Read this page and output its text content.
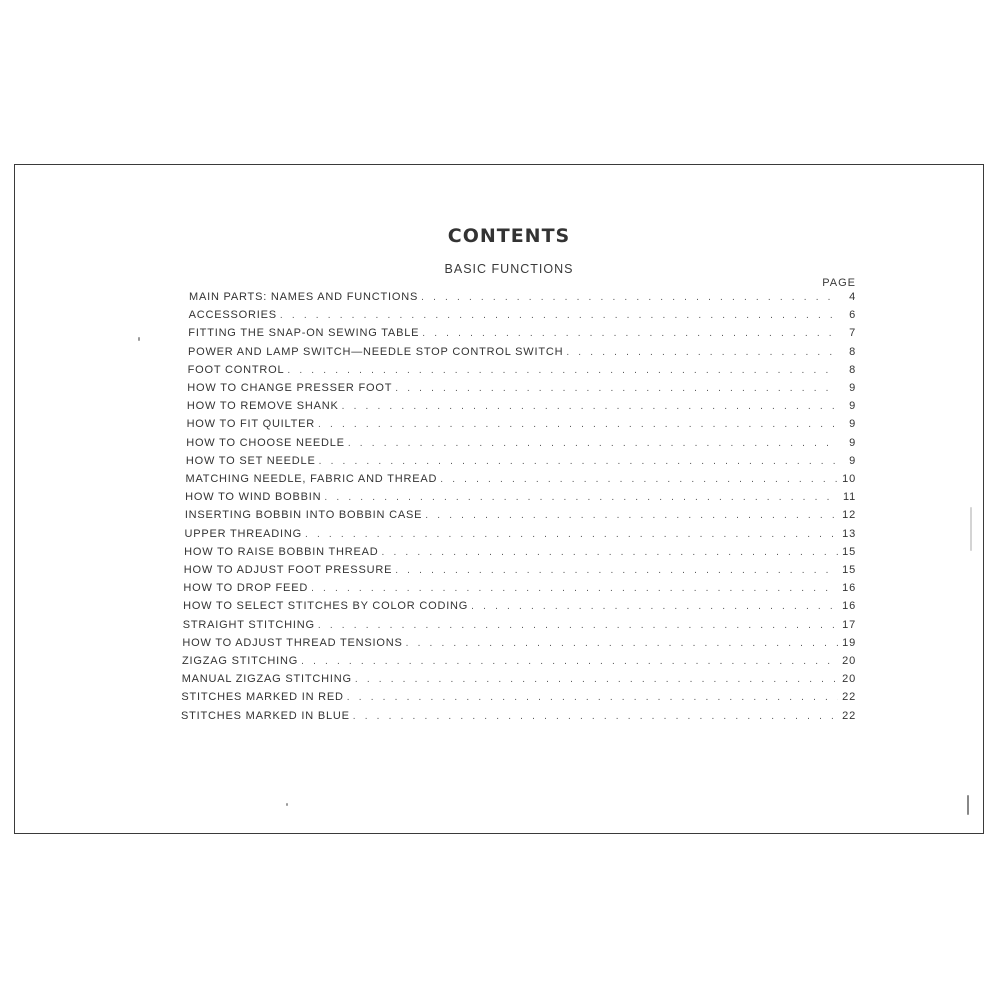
CONTENTS
BASIC FUNCTIONS
PAGE
MAIN PARTS: NAMES AND FUNCTIONS . . .	4
ACCESSORIES . . .	6
FITTING THE SNAP-ON SEWING TABLE . . .	7
POWER AND LAMP SWITCH—NEEDLE STOP CONTROL SWITCH . . .	8
FOOT CONTROL . . .	8
HOW TO CHANGE PRESSER FOOT . . .	9
HOW TO REMOVE SHANK . . .	9
HOW TO FIT QUILTER . . .	9
HOW TO CHOOSE NEEDLE . . .	9
HOW TO SET NEEDLE . . .	9
MATCHING NEEDLE, FABRIC AND THREAD . . .	10
HOW TO WIND BOBBIN . . .	11
INSERTING BOBBIN INTO BOBBIN CASE . . .	12
UPPER THREADING . . .	13
HOW TO RAISE BOBBIN THREAD . . .	15
HOW TO ADJUST FOOT PRESSURE . . .	15
HOW TO DROP FEED . . .	16
HOW TO SELECT STITCHES BY COLOR CODING . . .	16
STRAIGHT STITCHING . . .	17
HOW TO ADJUST THREAD TENSIONS . . .	19
ZIGZAG STITCHING . . .	20
MANUAL ZIGZAG STITCHING . . .	20
STITCHES MARKED IN RED . . .	22
STITCHES MARKED IN BLUE . . .	22
